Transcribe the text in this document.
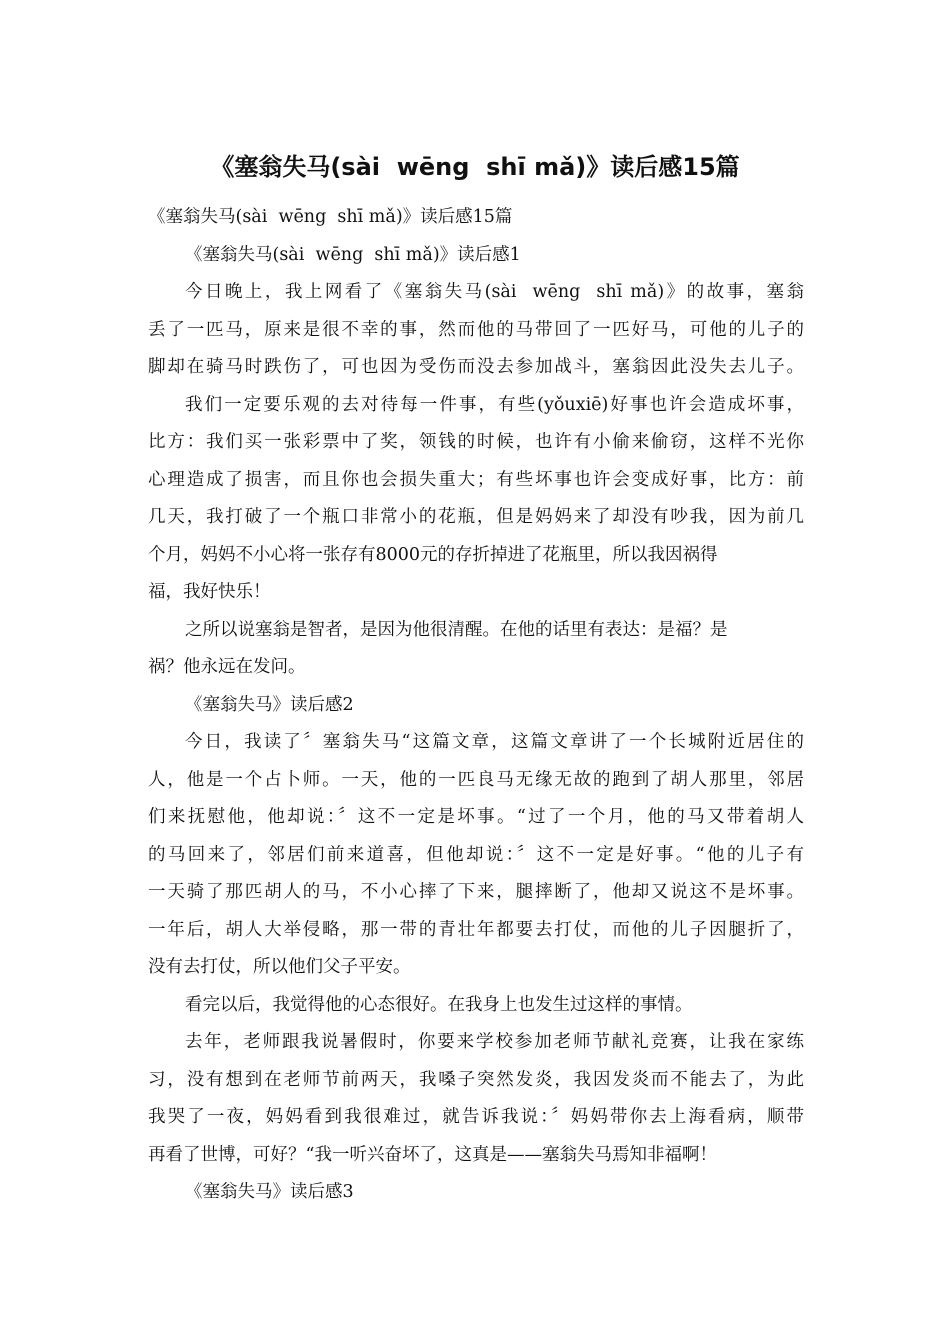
《塞翁失马(sài  wēng  shī mǎ)》读后感15篇
《塞翁失马(sài  wēng  shī mǎ)》读后感15篇
《塞翁失马(sài  wēng  shī mǎ)》读后感1
今日晚上，我上网看了《塞翁失马(sài  wēng  shī mǎ)》的故事，塞翁
丢了一匹马，原来是很不幸的事，然而他的马带回了一匹好马，可他的儿子的
脚却在骑马时跌伤了，可也因为受伤而没去参加战斗，塞翁因此没失去儿子。
我们一定要乐观的去对待每一件事，有些(yǒuxiē)好事也许会造成坏事，
比方：我们买一张彩票中了奖，领钱的时候，也许有小偷来偷窃，这样不光你
心理造成了损害，而且你也会损失重大；有些坏事也许会变成好事，比方：前
几天，我打破了一个瓶口非常小的花瓶，但是妈妈来了却没有吵我，因为前几
个月，妈妈不小心将一张存有8000元的存折掉进了花瓶里，所以我因祸得
福，我好快乐！
之所以说塞翁是智者，是因为他很清醒。在他的话里有表达：是福？是
祸？他永远在发问。
《塞翁失马》读后感2
今日，我读了〞塞翁失马“这篇文章，这篇文章讲了一个长城附近居住的
人，他是一个占卜师。一天，他的一匹良马无缘无故的跑到了胡人那里，邻居
们来抚慰他，他却说：〞这不一定是坏事。“过了一个月，他的马又带着胡人
的马回来了，邻居们前来道喜，但他却说：〞这不一定是好事。“他的儿子有
一天骑了那匹胡人的马，不小心摔了下来，腿摔断了，他却又说这不是坏事。
一年后，胡人大举侵略，那一带的青壮年都要去打仗，而他的儿子因腿折了，
没有去打仗，所以他们父子平安。
看完以后，我觉得他的心态很好。在我身上也发生过这样的事情。
去年，老师跟我说暑假时，你要来学校参加老师节献礼竞赛，让我在家练
习，没有想到在老师节前两天，我嗓子突然发炎，我因发炎而不能去了，为此
我哭了一夜，妈妈看到我很难过，就告诉我说：〞妈妈带你去上海看病，顺带
再看了世博，可好？“我一听兴奋坏了，这真是——塞翁失马焉知非福啊！
《塞翁失马》读后感3
